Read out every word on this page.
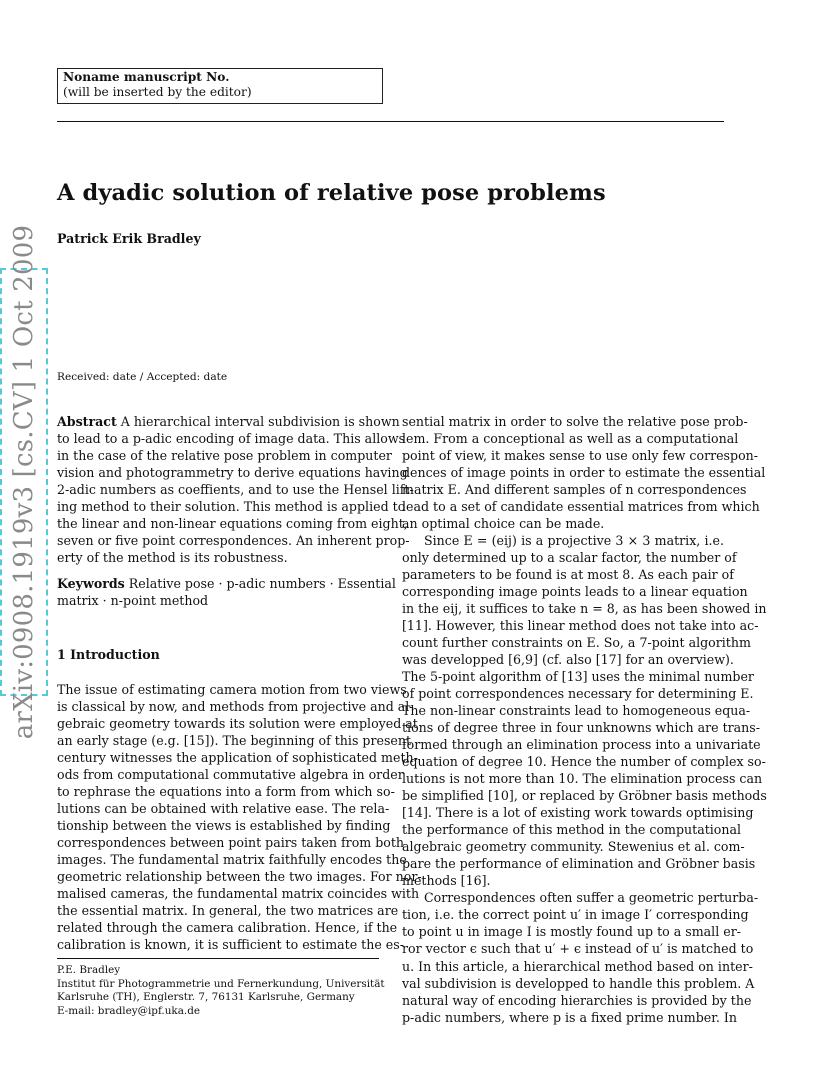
Noname manuscript No.
(will be inserted by the editor)
A dyadic solution of relative pose problems
Patrick Erik Bradley
arXiv:0908.1919v3 [cs.CV] 1 Oct 2009 Received: date / Accepted: date
Abstract A hierarchical interval subdivision is shown
to lead to a p-adic encoding of image data. This allows
in the case of the relative pose problem in computer
vision and photogrammetry to derive equations having
2-adic numbers as coeffients, and to use the Hensel lift-
ing method to their solution. This method is applied to
the linear and non-linear equations coming from eight,
seven or five point correspondences. An inherent prop-
erty of the method is its robustness.
Keywords Relative pose · p-adic numbers · Essential
matrix · n-point method
1 Introduction
The issue of estimating camera motion from two views
is classical by now, and methods from projective and al-
gebraic geometry towards its solution were employed at
an early stage (e.g. [15]). The beginning of this present
century witnesses the application of sophisticated meth-
ods from computational commutative algebra in order
to rephrase the equations into a form from which so-
lutions can be obtained with relative ease. The rela-
tionship between the views is established by finding
correspondences between point pairs taken from both
images. The fundamental matrix faithfully encodes the
geometric relationship between the two images. For nor-
malised cameras, the fundamental matrix coincides with
the essential matrix. In general, the two matrices are
related through the camera calibration. Hence, if the
calibration is known, it is sufficient to estimate the es-
P.E. Bradley
Institut für Photogrammetrie und Fernerkundung, Universität
Karlsruhe (TH), Englerstr. 7, 76131 Karlsruhe, Germany
E-mail: bradley@ipf.uka.de
sential matrix in order to solve the relative pose prob-
lem. From a conceptional as well as a computational
point of view, it makes sense to use only few correspon-
dences of image points in order to estimate the essential
matrix E. And different samples of n correspondences
lead to a set of candidate essential matrices from which
an optimal choice can be made.
Since E = (eij) is a projective 3 × 3 matrix, i.e.
only determined up to a scalar factor, the number of
parameters to be found is at most 8. As each pair of
corresponding image points leads to a linear equation
in the eij, it suffices to take n = 8, as has been showed in
[11]. However, this linear method does not take into ac-
count further constraints on E. So, a 7-point algorithm
was developped [6,9] (cf. also [17] for an overview).
The 5-point algorithm of [13] uses the minimal number
of point correspondences necessary for determining E.
The non-linear constraints lead to homogeneous equa-
tions of degree three in four unknowns which are trans-
formed through an elimination process into a univariate
equation of degree 10. Hence the number of complex so-
lutions is not more than 10. The elimination process can
be simplified [10], or replaced by Gröbner basis methods
[14]. There is a lot of existing work towards optimising
the performance of this method in the computational
algebraic geometry community. Stewenius et al. com-
pare the performance of elimination and Gröbner basis
methods [16].
Correspondences often suffer a geometric perturba-
tion, i.e. the correct point u′ in image I′ corresponding
to point u in image I is mostly found up to a small er-
ror vector ϵ such that u′ + ϵ instead of u′ is matched to
u. In this article, a hierarchical method based on inter-
val subdivision is developped to handle this problem. A
natural way of encoding hierarchies is provided by the
p-adic numbers, where p is a fixed prime number. In
